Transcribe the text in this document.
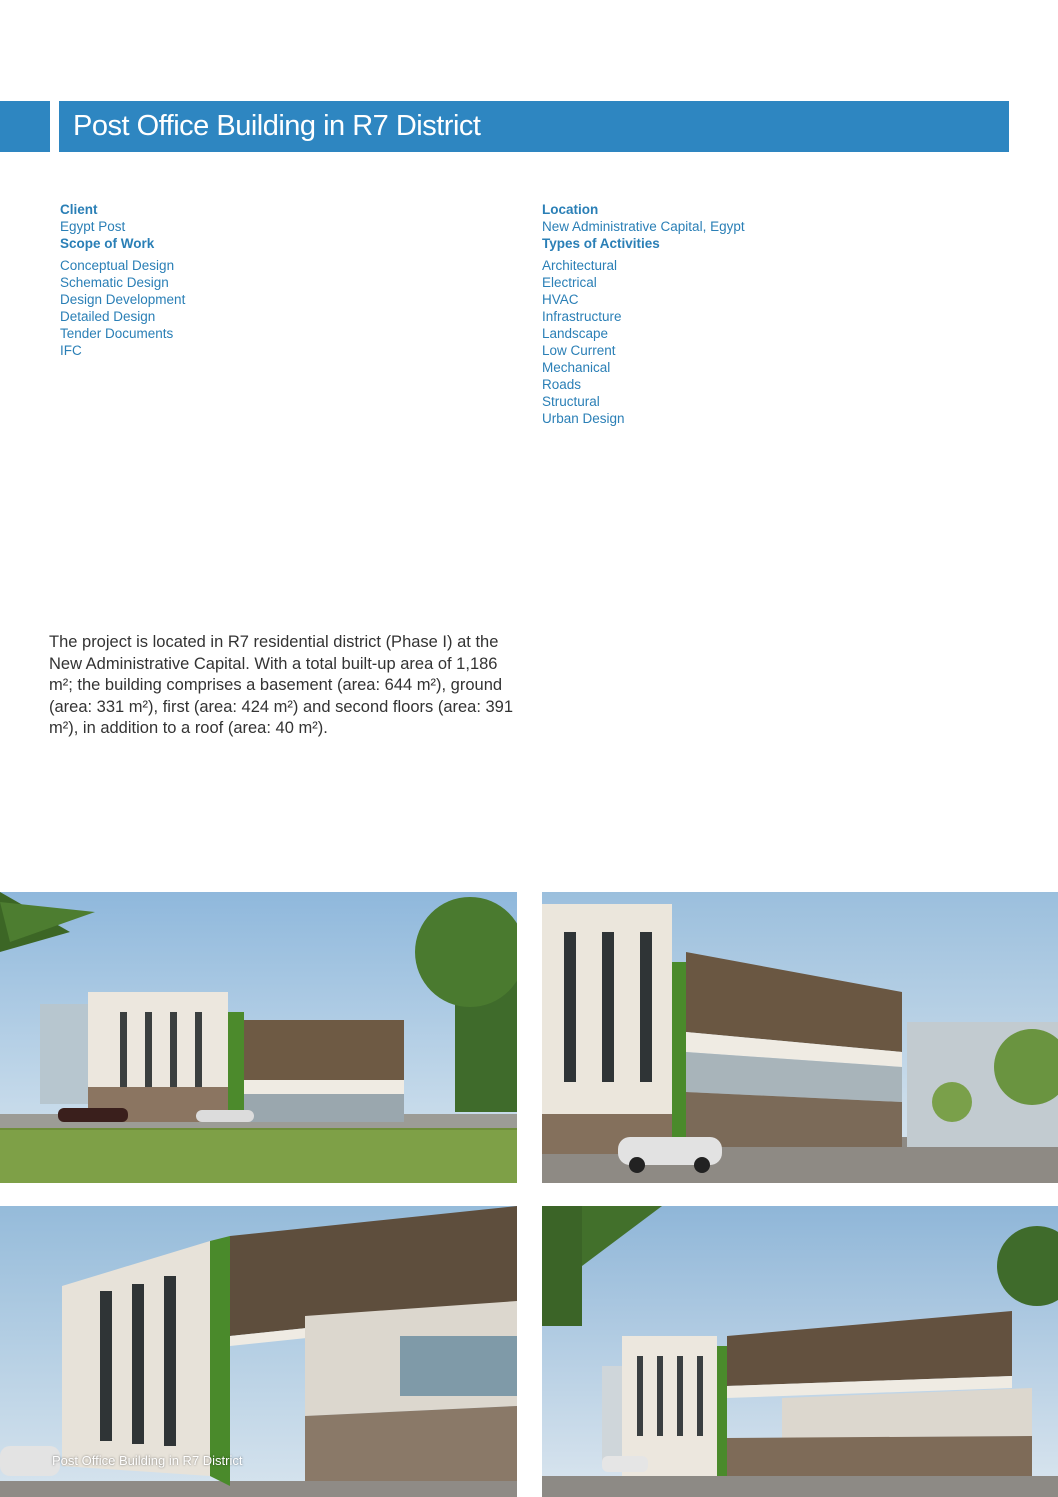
Post Office Building in R7 District
Client
Egypt Post
Scope of Work
Conceptual Design
Schematic Design
Design Development
Detailed Design
Tender Documents
IFC
Location
New Administrative Capital, Egypt
Types of Activities
Architectural
Electrical
HVAC
Infrastructure
Landscape
Low Current
Mechanical
Roads
Structural
Urban Design

The project is located in R7 residential district (Phase I) at the New Administrative Capital. With a total built-up area of 1,186 m²; the building comprises a basement (area: 644 m²), ground (area: 331 m²), first (area: 424 m²) and second floors (area: 391 m²), in addition to a roof (area: 40 m²).

Post Office Building in R7 District
